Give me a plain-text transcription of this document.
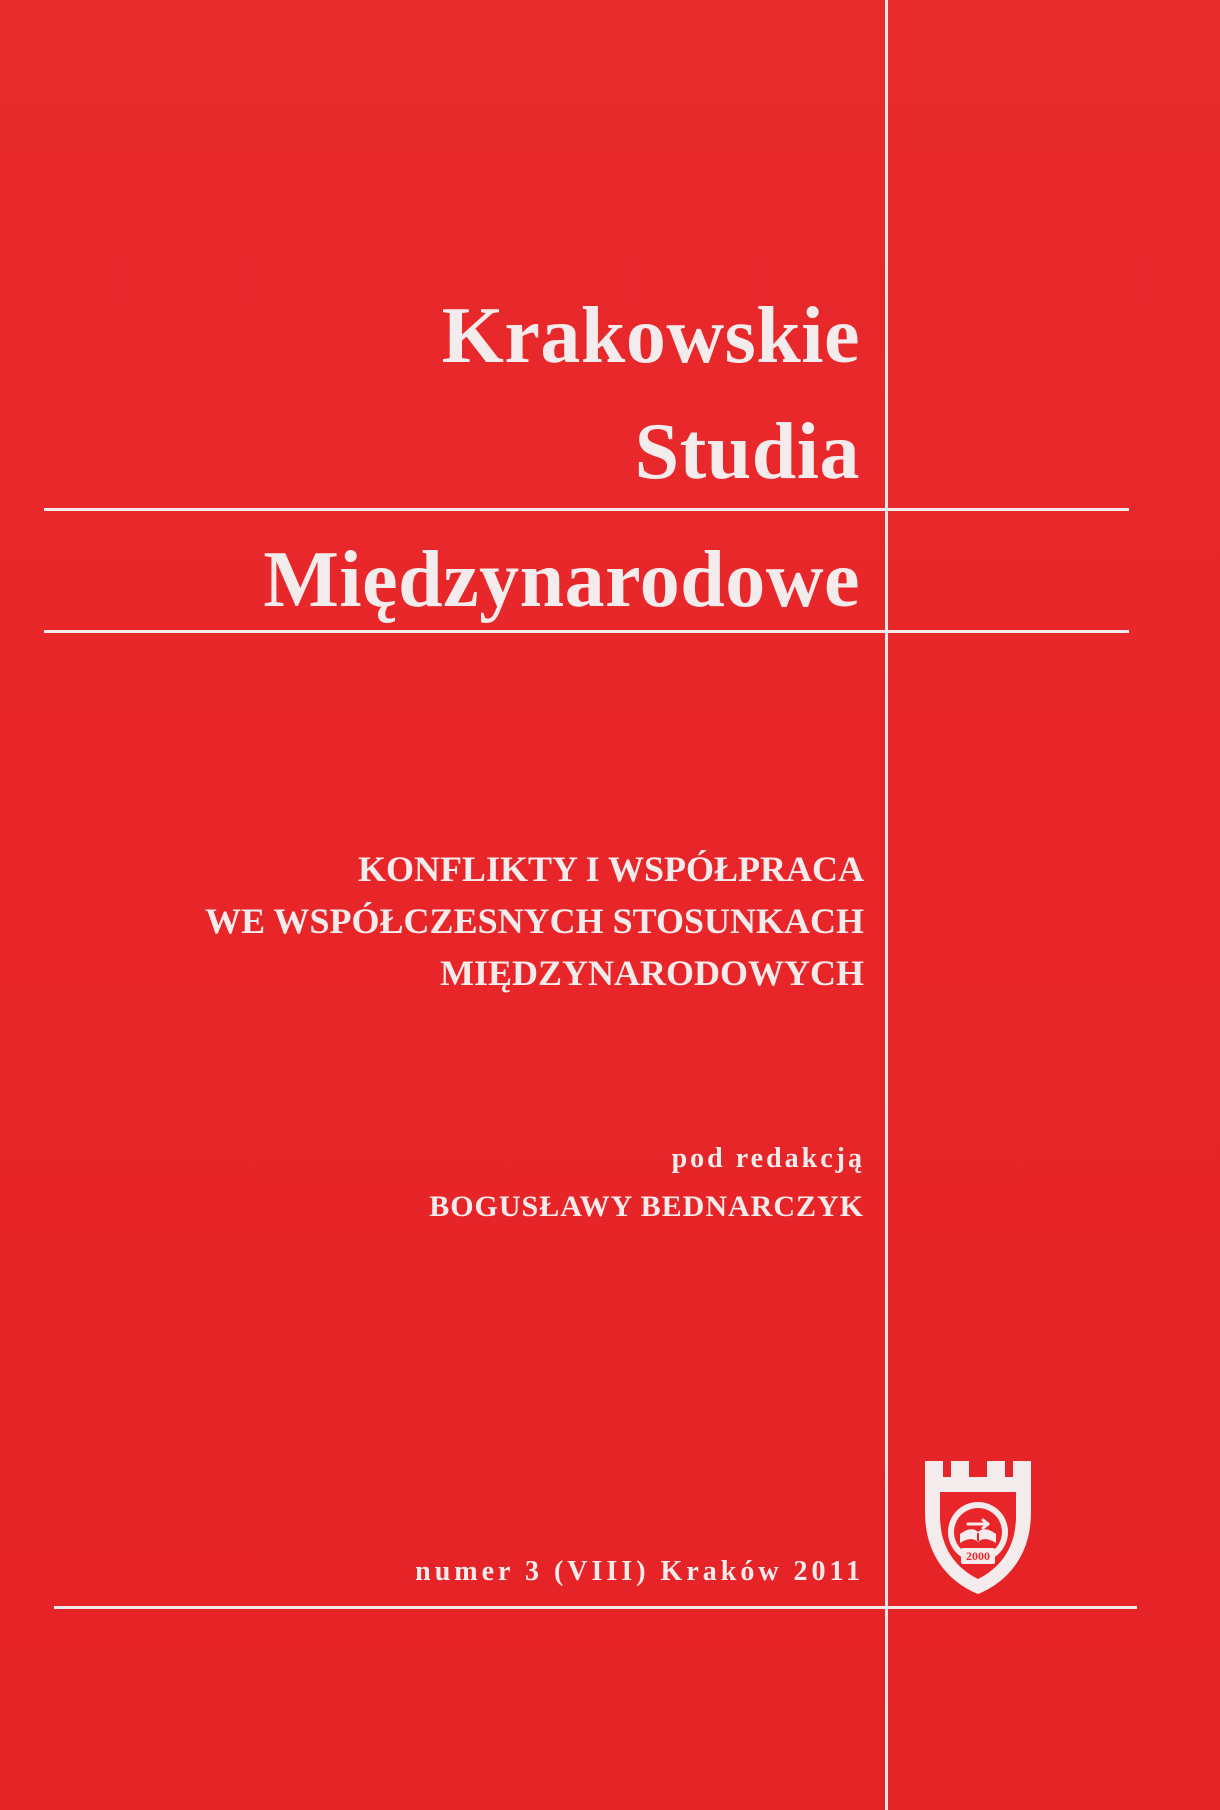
Krakowskie
Studia
Międzynarodowe
KONFLIKTY I WSPÓŁPRACA
WE WSPÓŁCZESNYCH STOSUNKACH
MIĘDZYNARODOWYCH
pod redakcją
BOGUSŁAWY BEDNARCZYK
numer 3 (VIII) Kraków 2011	2000
